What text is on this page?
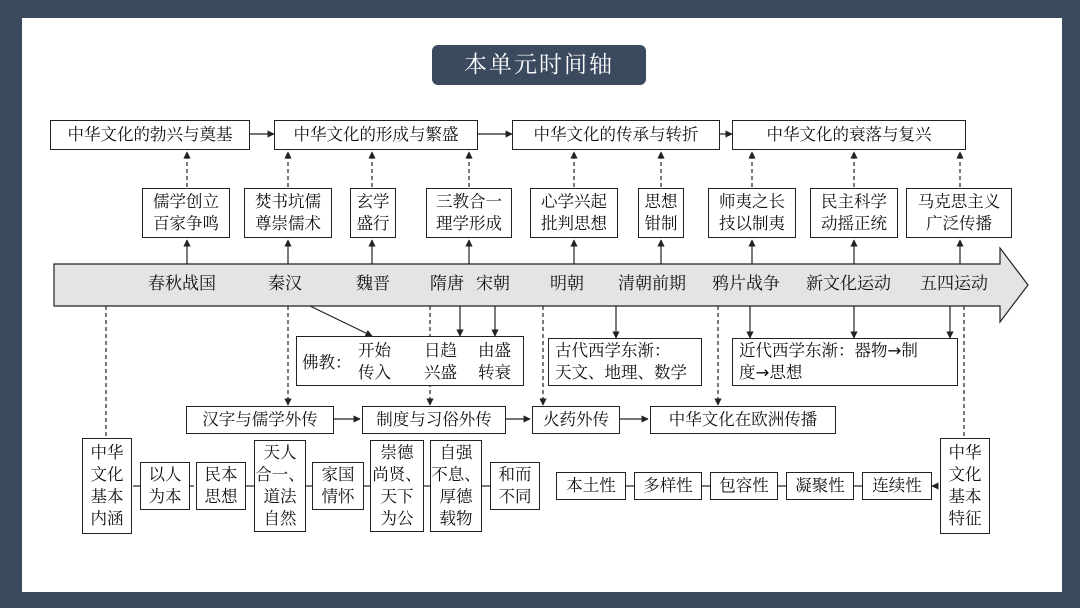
本单元时间轴
中华文化的勃兴与奠基	中华文化的形成与繁盛	中华文化的传承与转折	中华文化的衰落与复兴
儒学创立
百家争鸣
焚书坑儒
尊崇儒术
玄学
盛行
三教合一
理学形成
心学兴起
批判思想
思想
钳制
师夷之长
技以制夷
民主科学
动摇正统
马克思主义
广泛传播
春秋战国	秦汉	魏晋 隋唐 宋朝 明朝 清朝前期 鸦片战争 新文化运动 五四运动
佛教：
开始
传入
日趋
兴盛
由盛
转衰
古代西学东渐：
天文、地理、数学
近代西学东渐：器物→制
度→思想
汉字与儒学外传	制度与习俗外传	火药外传	中华文化在欧洲传播
中华
文化
基本
内涵
以人
为本
民本
思想
天人
合一、
道法
自然
家国
情怀
崇德
尚贤、
天下
为公
自强
不息、
厚德
载物
和而
不同
本土性	多样性	包容性	凝聚性	连续性
中华
文化
基本
特征
